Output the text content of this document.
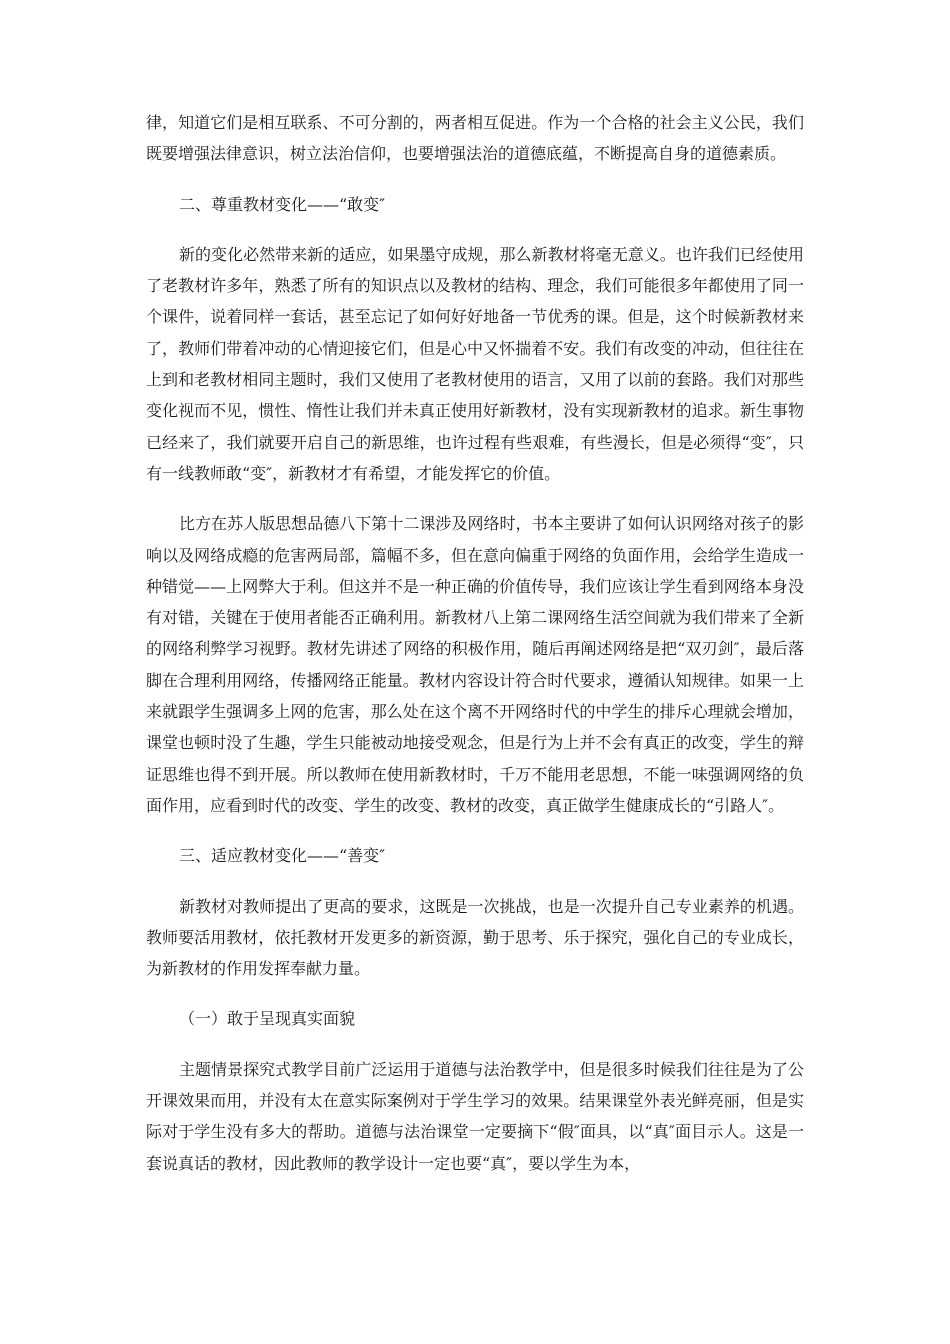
律，知道它们是相互联系、不可分割的，两者相互促进。作为一个合格的社会主义公民，我们既要增强法律意识，树立法治信仰，也要增强法治的道德底蕴，不断提高自身的道德素质。

二、尊重教材变化——“敢变″

新的变化必然带来新的适应，如果墨守成规，那么新教材将毫无意义。也许我们已经使用了老教材许多年，熟悉了所有的知识点以及教材的结构、理念，我们可能很多年都使用了同一个课件，说着同样一套话，甚至忘记了如何好好地备一节优秀的课。但是，这个时候新教材来了，教师们带着冲动的心情迎接它们，但是心中又怀揣着不安。我们有改变的冲动，但往往在上到和老教材相同主题时，我们又使用了老教材使用的语言，又用了以前的套路。我们对那些变化视而不见，惯性、惰性让我们并未真正使用好新教材，没有实现新教材的追求。新生事物已经来了，我们就要开启自己的新思维，也许过程有些艰难，有些漫长，但是必须得“变″，只有一线教师敢“变″，新教材才有希望，才能发挥它的价值。

比方在苏人版思想品德八下第十二课涉及网络时，书本主要讲了如何认识网络对孩子的影响以及网络成瘾的危害两局部，篇幅不多，但在意向偏重于网络的负面作用，会给学生造成一种错觉——上网弊大于利。但这并不是一种正确的价值传导，我们应该让学生看到网络本身没有对错，关键在于使用者能否正确利用。新教材八上第二课网络生活空间就为我们带来了全新的网络利弊学习视野。教材先讲述了网络的积极作用，随后再阐述网络是把“双刃剑″，最后落脚在合理利用网络，传播网络正能量。教材内容设计符合时代要求，遵循认知规律。如果一上来就跟学生强调多上网的危害，那么处在这个离不开网络时代的中学生的排斥心理就会增加，课堂也顿时没了生趣，学生只能被动地接受观念，但是行为上并不会有真正的改变，学生的辩证思维也得不到开展。所以教师在使用新教材时，千万不能用老思想，不能一味强调网络的负面作用，应看到时代的改变、学生的改变、教材的改变，真正做学生健康成长的“引路人″。

三、适应教材变化——“善变″

新教材对教师提出了更高的要求，这既是一次挑战，也是一次提升自己专业素养的机遇。教师要活用教材，依托教材开发更多的新资源，勤于思考、乐于探究，强化自己的专业成长，为新教材的作用发挥奉献力量。

（一）敢于呈现真实面貌

主题情景探究式教学目前广泛运用于道德与法治教学中，但是很多时候我们往往是为了公开课效果而用，并没有太在意实际案例对于学生学习的效果。结果课堂外表光鲜亮丽，但是实际对于学生没有多大的帮助。道德与法治课堂一定要摘下“假″面具，以“真″面目示人。这是一套说真话的教材，因此教师的教学设计一定也要“真″，要以学生为本，
